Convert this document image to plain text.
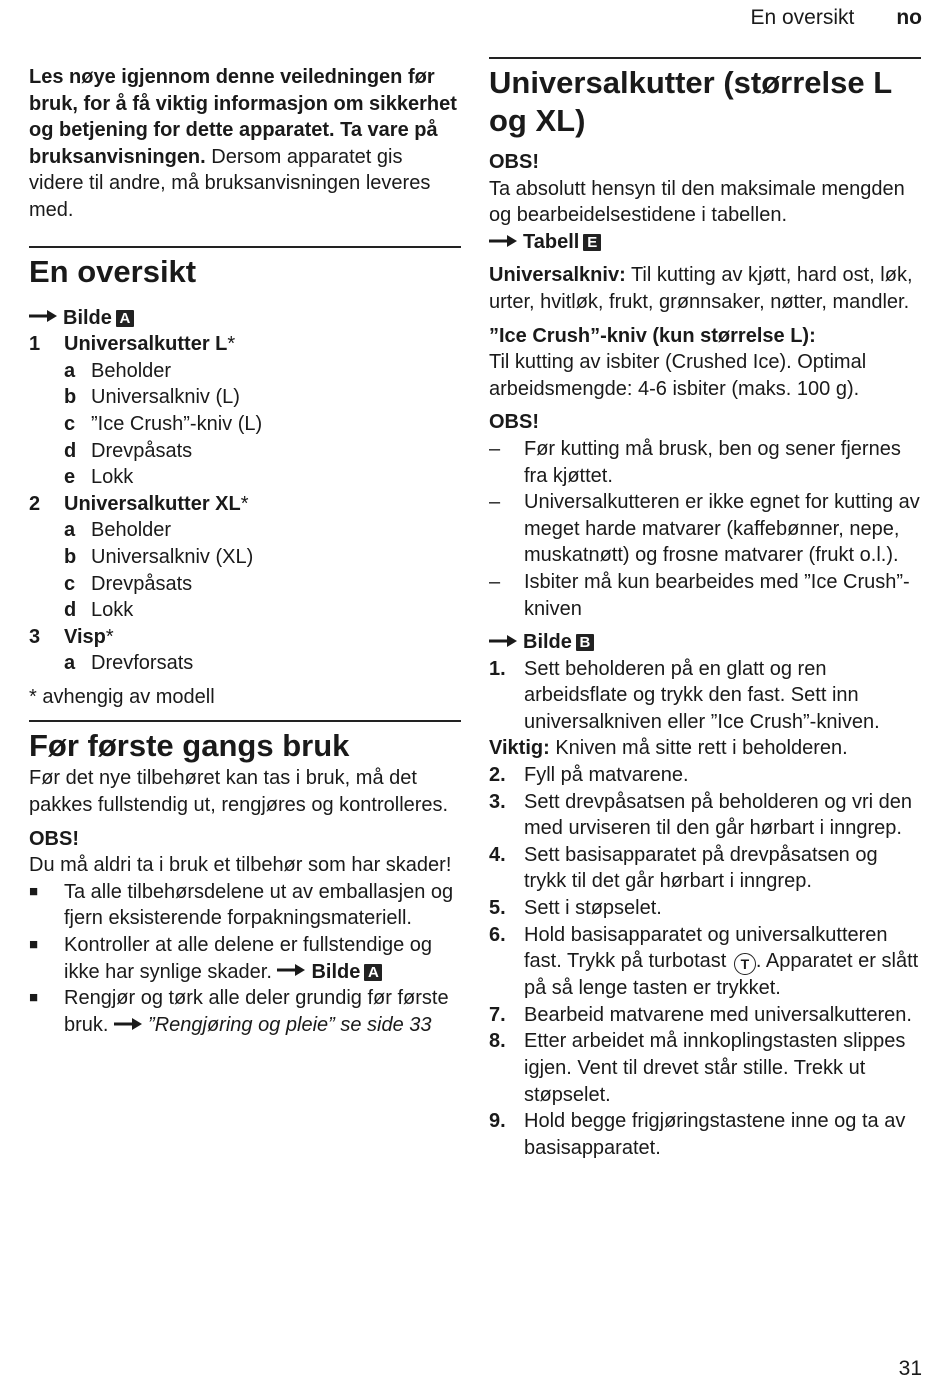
En oversikt no

Les nøye igjennom denne veiledningen før bruk, for å få viktig informasjon om sikkerhet og betjening for dette apparatet. Ta vare på bruksanvisningen. Dersom apparatet gis videre til andre, må bruksanvisningen leveres med.

En oversikt
Bilde A
1	Universalkutter L *
a Beholder
b Universalkniv (L)
c ”Ice Crush”-kniv (L)
d Drevpåsats
e Lokk
2	Universalkutter XL *
a Beholder
b Universalkniv (XL)
c Drevpåsats
d Lokk
3	Visp *
a Drevforsats

* avhengig av modell

Før første gangs bruk

Før det nye tilbehøret kan tas i bruk, må det pakkes fullstendig ut, rengjøres og kontrolleres.

OBS!

Du må aldri ta i bruk et tilbehør som har skader!

■	Ta alle tilbehørsdelene ut av emballasjen og fjern eksisterende forpakningsmateriell.
■	Kontroller at alle delene er fullstendige og ikke har synlige skader. Bilde A
■	Rengjør og tørk alle deler grundig før første bruk. ”Rengjøring og pleie” se side 33
Universalkutter (størrelse L og XL)

OBS!

Ta absolutt hensyn til den maksimale mengden og bearbeidelsestidene i tabellen.

Tabell E

Universalkniv: Til kutting av kjøtt, hard ost, løk, urter, hvitløk, frukt, grønnsaker, nøtter, mandler.

”Ice Crush”-kniv (kun størrelse L):

Til kutting av isbiter (Crushed Ice). Optimal arbeidsmengde: 4-6 isbiter (maks. 100 g).

OBS!

–	Før kutting må brusk, ben og sener fjernes fra kjøttet.
–	Universalkutteren er ikke egnet for kutting av meget harde matvarer (kaffebønner, nepe, muskatnøtt) og frosne matvarer (frukt o.l.).
–	Isbiter må kun bearbeides med ”Ice Crush”-kniven
Bilde B
1. Sett beholderen på en glatt og ren arbeidsflate og trykk den fast. Sett inn universalkniven eller ”Ice Crush”-kniven.

Viktig: Kniven må sitte rett i beholderen.

2. Fyll på matvarene.
3. Sett drevpåsatsen på beholderen og vri den med urviseren til den går hørbart i inngrep.
4. Sett basisapparatet på drevpåsatsen og trykk til det går hørbart i inngrep.
5. Sett i støpselet.
6. Hold basisapparatet og universalkutteren fast. Trykk på turbotast T . Apparatet er slått på så lenge tasten er trykket.
7. Bearbeid matvarene med universalkutteren.
8. Etter arbeidet må innkoplingstasten slippes igjen. Vent til drevet står stille. Trekk ut støpselet.
9. Hold begge frigjøringstastene inne og ta av basisapparatet.
31
